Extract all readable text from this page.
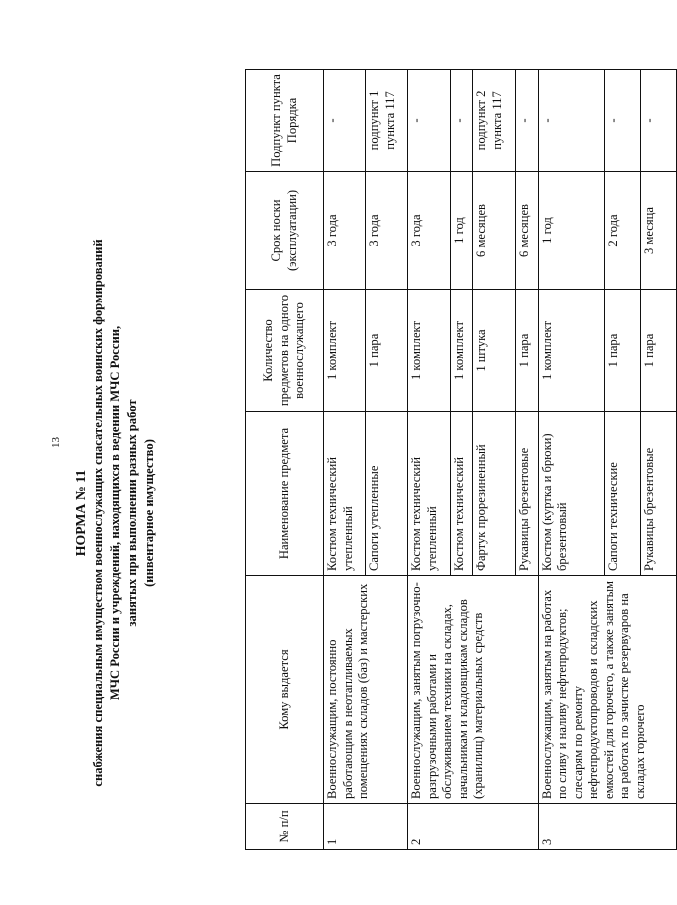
13
НОРМА № 11 снабжения специальным имуществом военнослужащих спасательных воинских формирований МЧС России и учреждений, находящихся в ведении МЧС России, занятых при выполнении разных работ (инвентарное имущество)
№ п/п	Кому выдается	Наименование предмета	Количество предметов на одного военнослужащего	Срок носки (эксплуатации)	Подпункт пункта Порядка
1	Военнослужащим, постоянно работающим в неотапливаемых помещениях складов (баз) и мастерских	Костюм технический утепленный	1 комплект	3 года	-
		Сапоги утепленные	1 пара	3 года	подпункт 1 пункта 117
2	Военнослужащим, занятым погрузочно-разгрузочными работами и обслуживанием техники на складах, начальникам и кладовщикам складов (хранилищ) материальных средств	Костюм технический утепленный	1 комплект	3 года	-
		Костюм технический	1 комплект	1 год	-
		Фартук прорезиненный	1 штука	6 месяцев	подпункт 2 пункта 117
		Рукавицы брезентовые	1 пара	6 месяцев	-
3	Военнослужащим, занятым на работах по сливу и наливу нефтепродуктов; слесарям по ремонту нефтепродуктопроводов и складских емкостей для горючего, а также занятым на работах по зачистке резервуаров на складах горючего	Костюм (куртка и брюки) брезентовый	1 комплект	1 год	-
		Сапоги технические	1 пара	2 года	-
		Рукавицы брезентовые	1 пара	3 месяца	-
